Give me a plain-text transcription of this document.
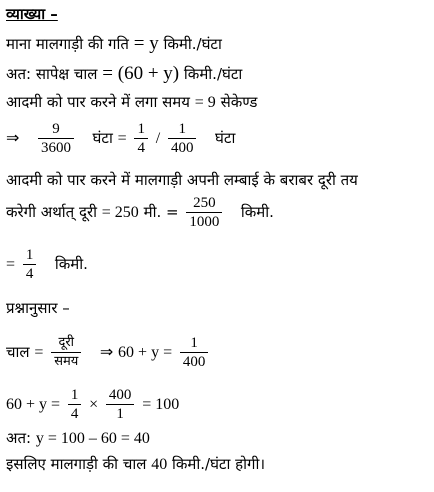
व्याख्या –
माना मालगाड़ी की गति = y किमी./घंटा
अत: सापेक्ष चाल = (60 + y) किमी./घंटा
आदमी को पार करने में लगा समय = 9 सेकेण्ड
⇒ $\frac{9}{3600}$ घंटा = $\frac{1}{4} / \frac{1}{400}$ घंटा
आदमी को पार करने में मालगाड़ी अपनी लम्बाई के बराबर दूरी तय
करेगी अर्थात् दूरी = 250 मी. = $\frac{250}{1000}$ किमी.
= $\frac{1}{4}$ किमी.
प्रश्नानुसार –
चाल = $\frac{\text{दूरी}}{\text{समय}}$ ⇒ $60 + y = \frac{1}{400}$
$60 + y = \frac{1}{4} \times \frac{400}{1} = 100$
अत: y = 100 – 60 = 40
इसलिए मालगाड़ी की चाल 40 किमी./घंटा होगी।
